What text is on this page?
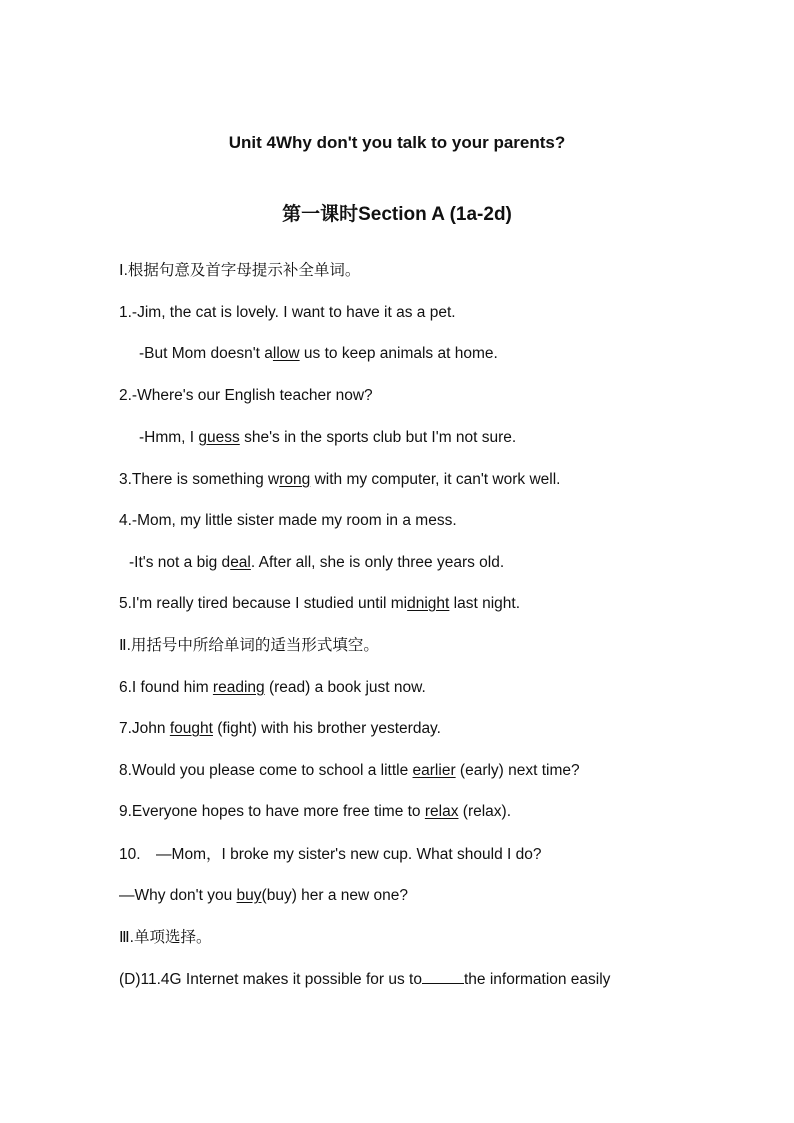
Unit 4Why don't you talk to your parents?
第一课时Section A (1a-2d)
Ⅰ.根据句意及首字母提示补全单词。
1.-Jim, the cat is lovely. I want to have it as a pet.
-But Mom doesn't allow us to keep animals at home.
2.-Where's our English teacher now?
-Hmm, I guess she's in the sports club but I'm not sure.
3.There is something wrong with my computer, it can't work well.
4.-Mom, my little sister made my room in a mess.
-It's not a big deal. After all, she is only three years old.
5.I'm really tired because I studied until midnight last night.
Ⅱ.用括号中所给单词的适当形式填空。
6.I found him reading (read) a book just now.
7.John fought (fight) with his brother yesterday.
8.Would you please come to school a little earlier (early) next time?
9.Everyone hopes to have more free time to relax (relax).
10.　—Mom，I broke my sister's new cup. What should I do?
—Why don't you buy(buy) her a new one?
Ⅲ.单项选择。
(D)11.4G Internet makes it possible for us to	the information easily
